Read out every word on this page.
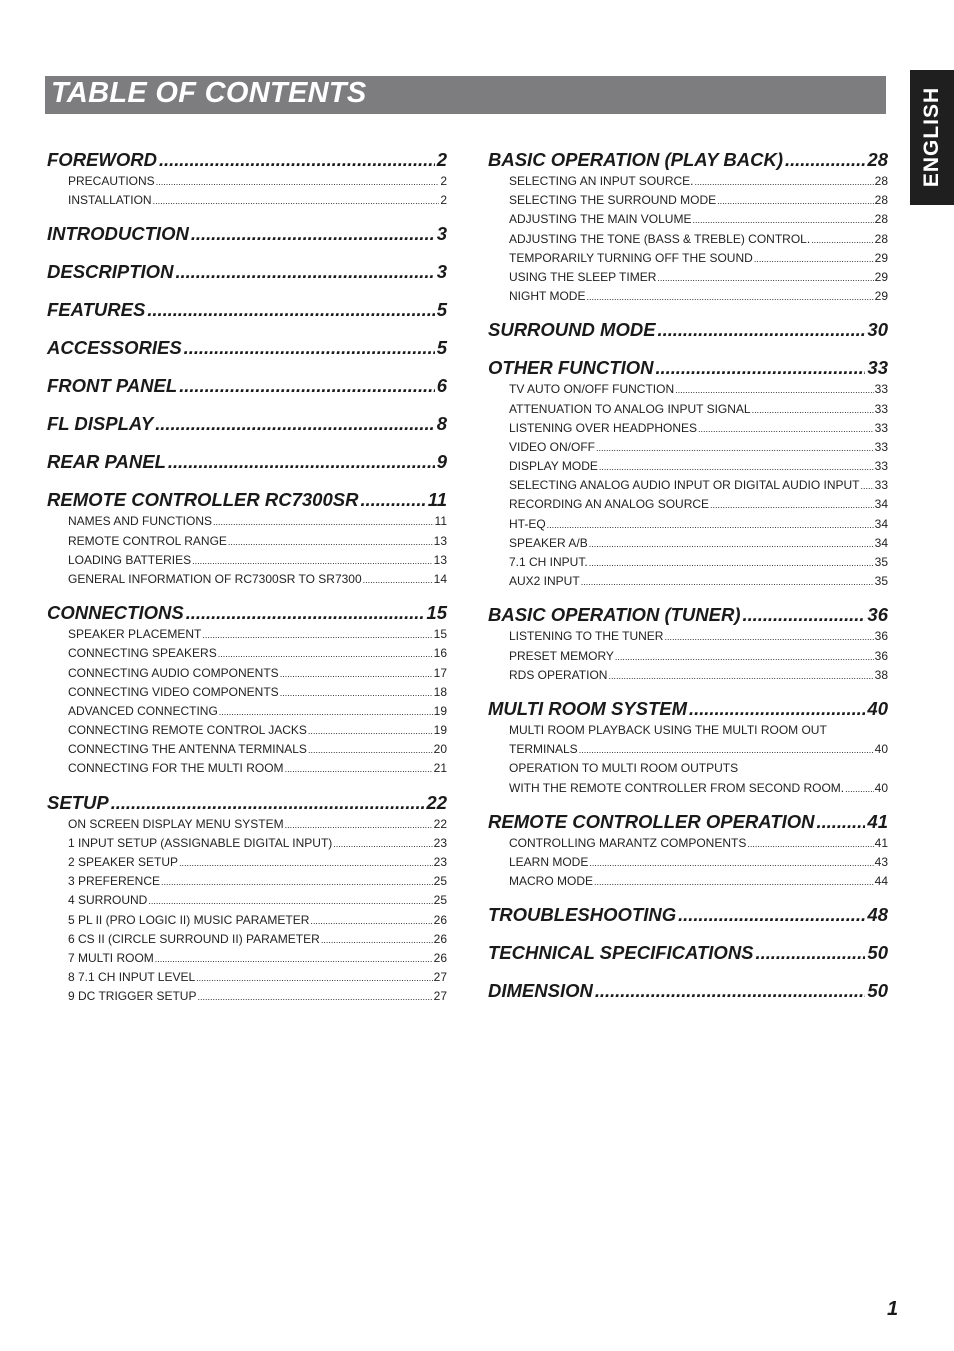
TABLE OF CONTENTS	ENGLISH
FOREWORD . . .	2
PRECAUTIONS .....	2
INSTALLATION .....	2
INTRODUCTION . . .	3
DESCRIPTION . . .	3
FEATURES . . .	5
ACCESSORIES . . .	5
FRONT PANEL . . .	6
FL DISPLAY . . .	8
REAR PANEL . . .	9
REMOTE CONTROLLER RC7300SR . . .	11
NAMES AND FUNCTIONS .....	11
REMOTE CONTROL RANGE .....	13
LOADING BATTERIES .....	13
GENERAL INFORMATION OF RC7300SR TO SR7300 .....	14
CONNECTIONS . . .	15
SPEAKER PLACEMENT .....	15
CONNECTING SPEAKERS .....	16
CONNECTING AUDIO COMPONENTS .....	17
CONNECTING VIDEO COMPONENTS .....	18
ADVANCED CONNECTING .....	19
CONNECTING REMOTE CONTROL JACKS .....	19
CONNECTING THE ANTENNA TERMINALS .....	20
CONNECTING FOR THE MULTI ROOM .....	21
SETUP . . .	22
ON SCREEN DISPLAY MENU SYSTEM .....	22
1 INPUT SETUP (ASSIGNABLE DIGITAL INPUT) .....	23
2 SPEAKER SETUP .....	23
3 PREFERENCE .....	25
4 SURROUND .....	25
5 PL II (PRO LOGIC II) MUSIC PARAMETER .....	26
6 CS II (CIRCLE SURROUND II) PARAMETER .....	26
7 MULTI ROOM .....	26
8 7.1 CH INPUT LEVEL .....	27
9 DC TRIGGER SETUP .....	27
BASIC OPERATION (PLAY BACK) . . .	28
SELECTING AN INPUT SOURCE. .....	28
SELECTING THE SURROUND MODE .....	28
ADJUSTING THE MAIN VOLUME .....	28
ADJUSTING THE TONE (BASS & TREBLE) CONTROL. .....	28
TEMPORARILY TURNING OFF THE SOUND .....	29
USING THE SLEEP TIMER .....	29
NIGHT MODE .....	29
SURROUND MODE . . .	30
OTHER FUNCTION . . .	33
TV AUTO ON/OFF FUNCTION .....	33
ATTENUATION TO ANALOG INPUT SIGNAL .....	33
LISTENING OVER HEADPHONES .....	33
VIDEO ON/OFF .....	33
DISPLAY MODE .....	33
SELECTING ANALOG AUDIO INPUT OR DIGITAL AUDIO INPUT ..... 33
RECORDING AN ANALOG SOURCE .....	34
HT-EQ .....	34
SPEAKER A/B .....	34
7.1 CH INPUT. .....	35
AUX2 INPUT .....	35
BASIC OPERATION (TUNER) . . .	36
LISTENING TO THE TUNER .....	36
PRESET MEMORY .....	36
RDS OPERATION .....	38
MULTI ROOM SYSTEM . . .	40
MULTI ROOM PLAYBACK USING THE MULTI ROOM OUT
TERMINALS .....	40
OPERATION TO MULTI ROOM OUTPUTS
WITH THE REMOTE CONTROLLER FROM SECOND ROOM. .....	40
REMOTE CONTROLLER OPERATION . . .	41
CONTROLLING MARANTZ COMPONENTS .....	41
LEARN MODE .....	43
MACRO MODE .....	44
TROUBLESHOOTING . . .	48
TECHNICAL SPECIFICATIONS . . .	50
DIMENSION . . .	50
1
